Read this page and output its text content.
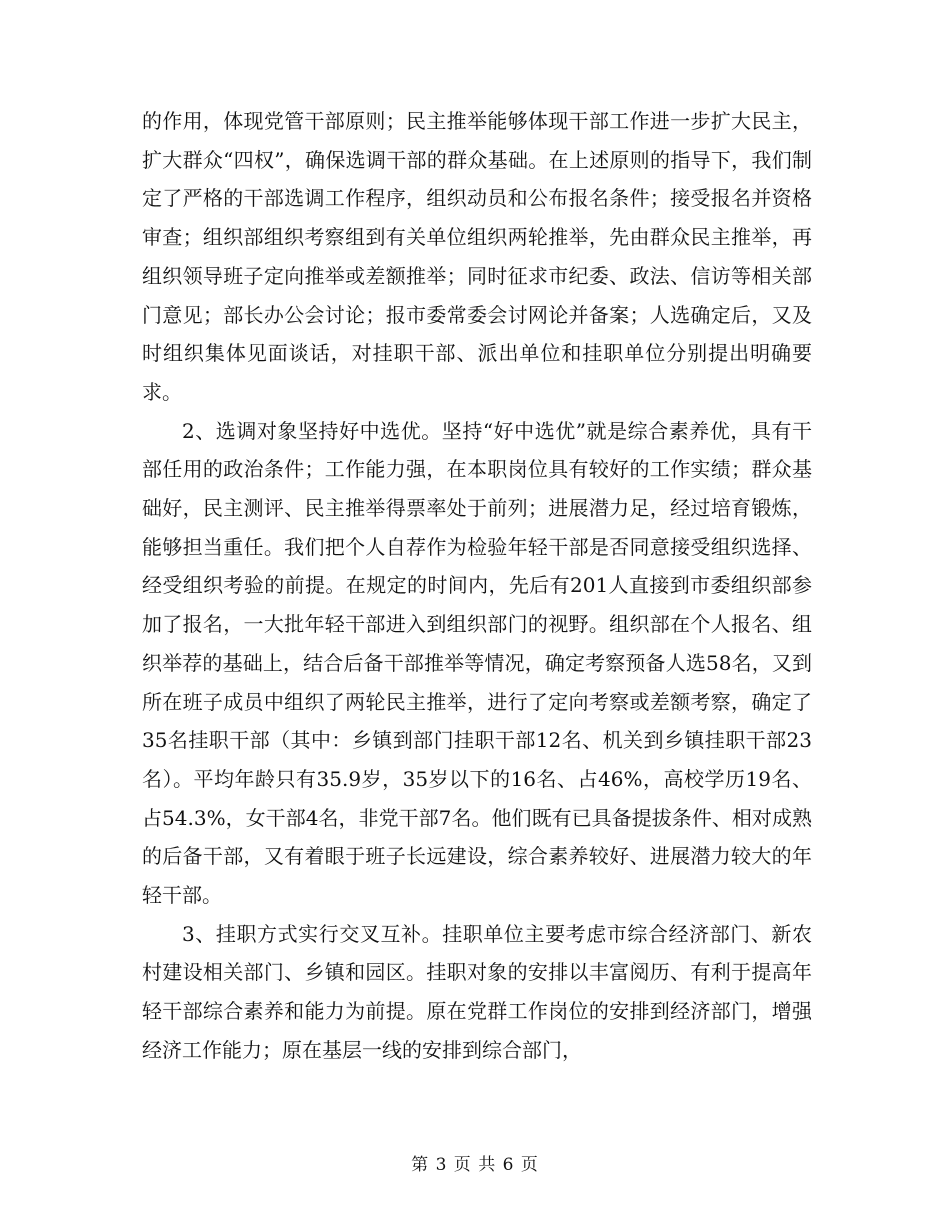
的作用，体现党管干部原则；民主推举能够体现干部工作进一步扩大民主，扩大群众“四权”，确保选调干部的群众基础。在上述原则的指导下，我们制定了严格的干部选调工作程序，组织动员和公布报名条件；接受报名并资格审查；组织部组织考察组到有关单位组织两轮推举，先由群众民主推举，再组织领导班子定向推举或差额推举；同时征求市纪委、政法、信访等相关部门意见；部长办公会讨论；报市委常委会讨网论并备案；人选确定后，又及时组织集体见面谈话，对挂职干部、派出单位和挂职单位分别提出明确要求。

2、选调对象坚持好中选优。坚持“好中选优”就是综合素养优，具有干部任用的政治条件；工作能力强，在本职岗位具有较好的工作实绩；群众基础好，民主测评、民主推举得票率处于前列；进展潜力足，经过培育锻炼，能够担当重任。我们把个人自荐作为检验年轻干部是否同意接受组织选择、经受组织考验的前提。在规定的时间内，先后有201人直接到市委组织部参加了报名，一大批年轻干部进入到组织部门的视野。组织部在个人报名、组织举荐的基础上，结合后备干部推举等情况，确定考察预备人选58名，又到所在班子成员中组织了两轮民主推举，进行了定向考察或差额考察，确定了35名挂职干部（其中：乡镇到部门挂职干部12名、机关到乡镇挂职干部23名）。平均年龄只有35.9岁，35岁以下的16名、占46%，高校学历19名、占54.3%，女干部4名，非党干部7名。他们既有已具备提拔条件、相对成熟的后备干部，又有着眼于班子长远建设，综合素养较好、进展潜力较大的年轻干部。

3、挂职方式实行交叉互补。挂职单位主要考虑市综合经济部门、新农村建设相关部门、乡镇和园区。挂职对象的安排以丰富阅历、有利于提高年轻干部综合素养和能力为前提。原在党群工作岗位的安排到经济部门，增强经济工作能力；原在基层一线的安排到综合部门，

第 3 页 共 6 页
